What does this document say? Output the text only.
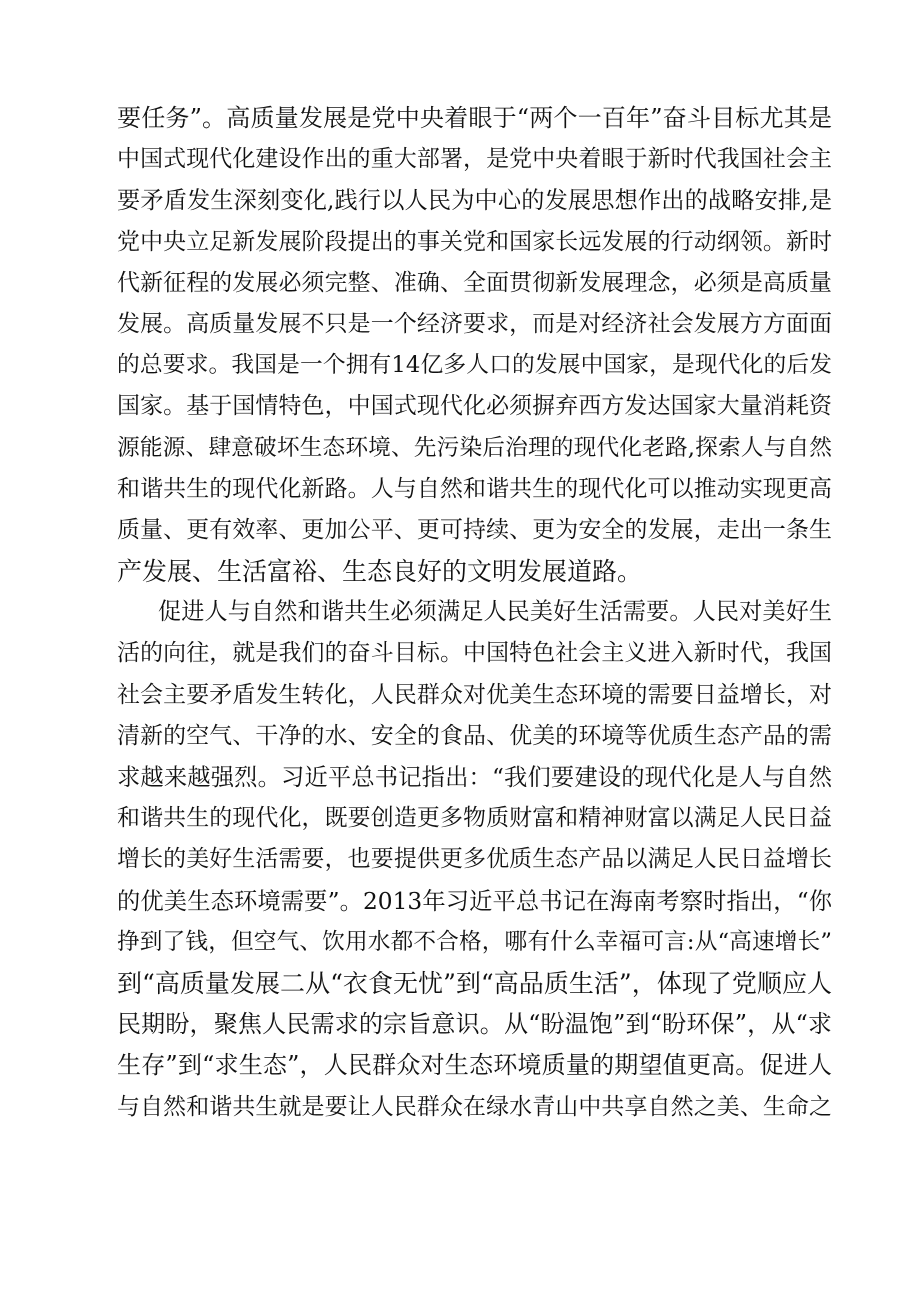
要任务”。高质量发展是党中央着眼于“两个一百年”奋斗目标尤其是
中国式现代化建设作出的重大部署，是党中央着眼于新时代我国社会主
要矛盾发生深刻变化,践行以人民为中心的发展思想作出的战略安排,是
党中央立足新发展阶段提出的事关党和国家长远发展的行动纲领。新时
代新征程的发展必须完整、准确、全面贯彻新发展理念，必须是高质量
发展。高质量发展不只是一个经济要求，而是对经济社会发展方方面面
的总要求。我国是一个拥有14亿多人口的发展中国家，是现代化的后发
国家。基于国情特色，中国式现代化必须摒弃西方发达国家大量消耗资
源能源、肆意破坏生态环境、先污染后治理的现代化老路,探索人与自然
和谐共生的现代化新路。人与自然和谐共生的现代化可以推动实现更高
质量、更有效率、更加公平、更可持续、更为安全的发展，走出一条生
产发展、生活富裕、生态良好的文明发展道路。
促进人与自然和谐共生必须满足人民美好生活需要。人民对美好生
活的向往，就是我们的奋斗目标。中国特色社会主义进入新时代，我国
社会主要矛盾发生转化，人民群众对优美生态环境的需要日益增长，对
清新的空气、干净的水、安全的食品、优美的环境等优质生态产品的需
求越来越强烈。习近平总书记指出：“我们要建设的现代化是人与自然
和谐共生的现代化，既要创造更多物质财富和精神财富以满足人民日益
增长的美好生活需要，也要提供更多优质生态产品以满足人民日益增长
的优美生态环境需要”。2013年习近平总书记在海南考察时指出，“你
挣到了钱，但空气、饮用水都不合格，哪有什么幸福可言:从“高速增长”
到“高质量发展二从“衣食无忧”到“高品质生活”，体现了党顺应人
民期盼，聚焦人民需求的宗旨意识。从“盼温饱”到“盼环保”，从“求
生存”到“求生态”，人民群众对生态环境质量的期望值更高。促进人
与自然和谐共生就是要让人民群众在绿水青山中共享自然之美、生命之
